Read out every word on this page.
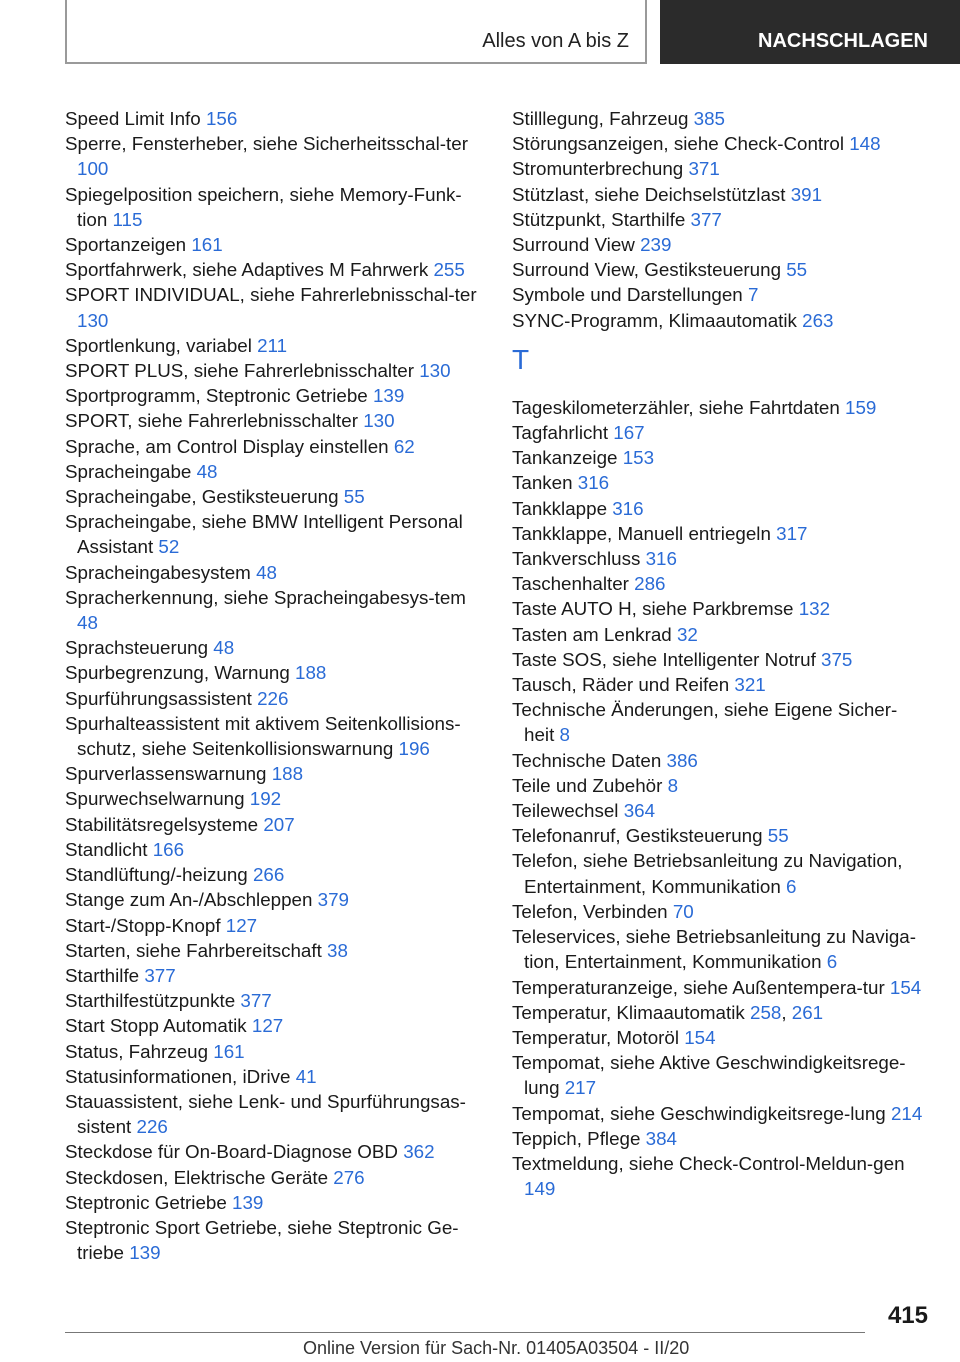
Alles von A bis Z	NACHSCHLAGEN
Speed Limit Info 156
Sperre, Fensterheber, siehe Sicherheitsschal-ter 100
Spiegelposition speichern, siehe Memory-Funk-tion 115
Sportanzeigen 161
Sportfahrwerk, siehe Adaptives M Fahrwerk 255
SPORT INDIVIDUAL, siehe Fahrerlebnisschal-ter 130
Sportlenkung, variabel 211
SPORT PLUS, siehe Fahrerlebnisschalter 130
Sportprogramm, Steptronic Getriebe 139
SPORT, siehe Fahrerlebnisschalter 130
Sprache, am Control Display einstellen 62
Spracheingabe 48
Spracheingabe, Gestiksteuerung 55
Spracheingabe, siehe BMW Intelligent Personal Assistant 52
Spracheingabesystem 48
Spracherkennung, siehe Spracheingabesys-tem 48
Sprachsteuerung 48
Spurbegrenzung, Warnung 188
Spurführungsassistent 226
Spurhalteassistent mit aktivem Seitenkollisions-schutz, siehe Seitenkollisionswarnung 196
Spurverlassenswarnung 188
Spurwechselwarnung 192
Stabilitätsregelsysteme 207
Standlicht 166
Standlüftung/-heizung 266
Stange zum An-/Abschleppen 379
Start-/Stopp-Knopf 127
Starten, siehe Fahrbereitschaft 38
Starthilfe 377
Starthilfestützpunkte 377
Start Stopp Automatik 127
Status, Fahrzeug 161
Statusinformationen, iDrive 41
Stauassistent, siehe Lenk- und Spurführungsas-sistent 226
Steckdose für On-Board-Diagnose OBD 362
Steckdosen, Elektrische Geräte 276
Steptronic Getriebe 139
Steptronic Sport Getriebe, siehe Steptronic Ge-triebe 139
Stilllegung, Fahrzeug 385
Störungsanzeigen, siehe Check-Control 148
Stromunterbrechung 371
Stützlast, siehe Deichselstützlast 391
Stützpunkt, Starthilfe 377
Surround View 239
Surround View, Gestiksteuerung 55
Symbole und Darstellungen 7
SYNC-Programm, Klimaautomatik 263
T
Tageskilometerzähler, siehe Fahrtdaten 159
Tagfahrlicht 167
Tankanzeige 153
Tanken 316
Tankklappe 316
Tankklappe, Manuell entriegeln 317
Tankverschluss 316
Taschenhalter 286
Taste AUTO H, siehe Parkbremse 132
Tasten am Lenkrad 32
Taste SOS, siehe Intelligenter Notruf 375
Tausch, Räder und Reifen 321
Technische Änderungen, siehe Eigene Sicher-heit 8
Technische Daten 386
Teile und Zubehör 8
Teilewechsel 364
Telefonanruf, Gestiksteuerung 55
Telefon, siehe Betriebsanleitung zu Navigation, Entertainment, Kommunikation 6
Telefon, Verbinden 70
Teleservices, siehe Betriebsanleitung zu Naviga-tion, Entertainment, Kommunikation 6
Temperaturanzeige, siehe Außentempera-tur 154
Temperatur, Klimaautomatik 258, 261
Temperatur, Motoröl 154
Tempomat, siehe Aktive Geschwindigkeitsrege-lung 217
Tempomat, siehe Geschwindigkeitsrege-lung 214
Teppich, Pflege 384
Textmeldung, siehe Check-Control-Meldun-gen 149
415
Online Version für Sach-Nr. 01405A03504 - II/20
